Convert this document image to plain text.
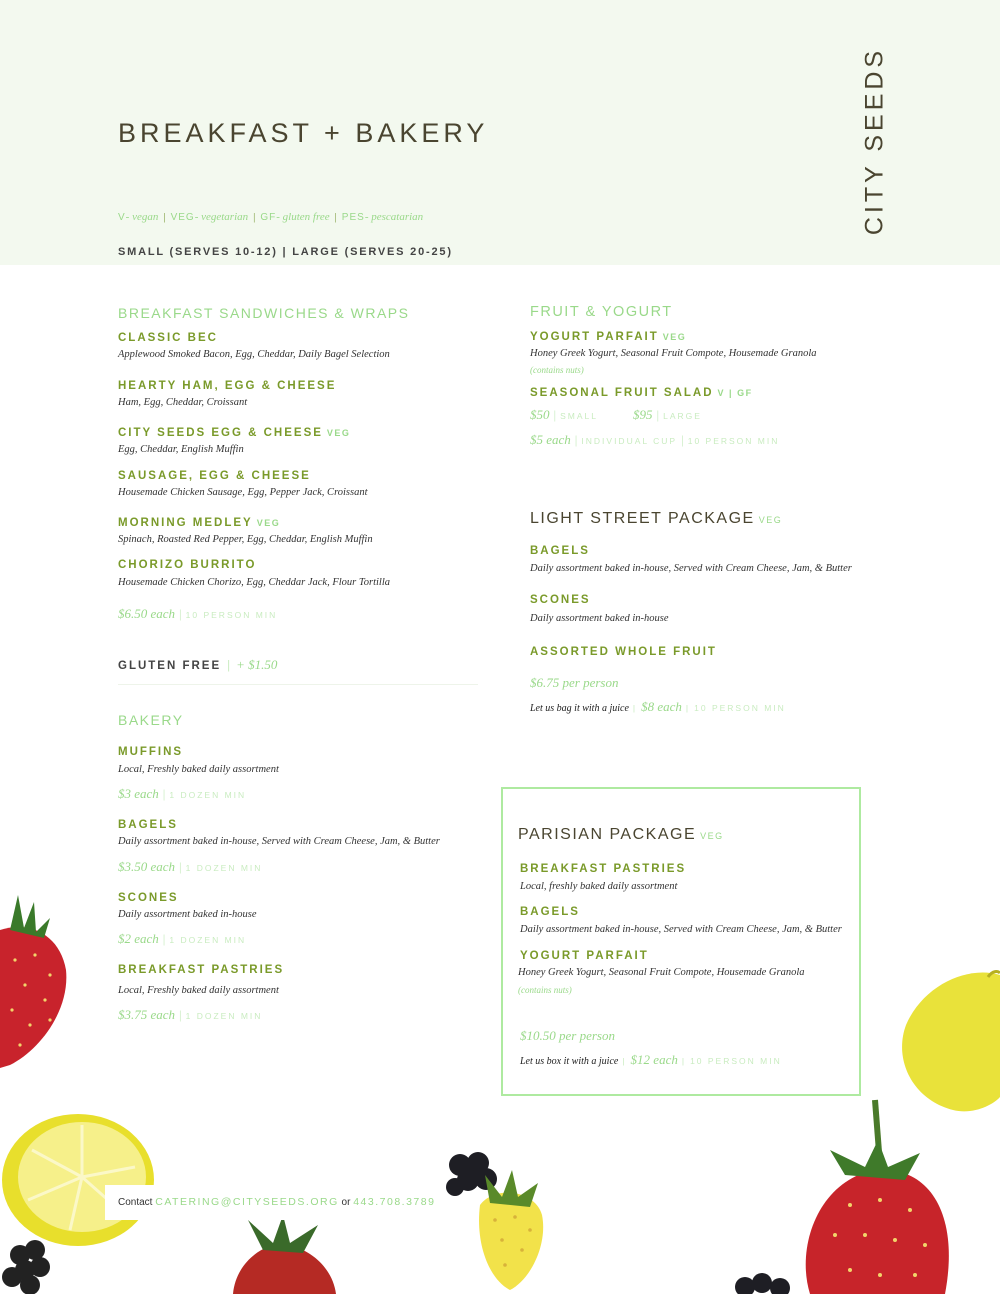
BREAKFAST + BAKERY	CITY SEEDS
V- vegan | VEG- vegetarian | GF- gluten free | PES- pescatarian
SMALL (SERVES 10-12) | LARGE (SERVES 20-25)
BREAKFAST SANDWICHES & WRAPS
CLASSIC BEC
Applewood Smoked Bacon, Egg, Cheddar, Daily Bagel Selection
HEARTY HAM, EGG & CHEESE
Ham, Egg, Cheddar, Croissant
CITY SEEDS EGG & CHEESE VEG
Egg, Cheddar, English Muffin
SAUSAGE, EGG & CHEESE
Housemade Chicken Sausage, Egg, Pepper Jack, Croissant
MORNING MEDLEY VEG
Spinach, Roasted Red Pepper, Egg, Cheddar, English Muffin
CHORIZO BURRITO
Housemade Chicken Chorizo, Egg, Cheddar Jack, Flour Tortilla
$6.50 each | 10 PERSON MIN
GLUTEN FREE | + $1.50
BAKERY
MUFFINS
Local, Freshly baked daily assortment
$3 each | 1 DOZEN MIN
BAGELS
Daily assortment baked in-house, Served with Cream Cheese, Jam, & Butter
$3.50 each | 1 DOZEN MIN
SCONES
Daily assortment baked in-house
$2 each | 1 DOZEN MIN
BREAKFAST PASTRIES
Local, Freshly baked daily assortment
$3.75 each | 1 DOZEN MIN
FRUIT & YOGURT
YOGURT PARFAIT VEG
Honey Greek Yogurt, Seasonal Fruit Compote, Housemade Granola
(contains nuts)
SEASONAL FRUIT SALAD V | GF
$50 | SMALL	$95 | LARGE
$5 each | INDIVIDUAL CUP | 10 PERSON MIN
LIGHT STREET PACKAGE VEG
BAGELS
Daily assortment baked in-house, Served with Cream Cheese, Jam, & Butter
SCONES
Daily assortment baked in-house
ASSORTED WHOLE FRUIT
$6.75 per person
Let us bag it with a juice | $8 each | 10 PERSON MIN
PARISIAN PACKAGE VEG
BREAKFAST PASTRIES
Local, freshly baked daily assortment
BAGELS
Daily assortment baked in-house, Served with Cream Cheese, Jam, & Butter
YOGURT PARFAIT
Honey Greek Yogurt, Seasonal Fruit Compote, Housemade Granola
(contains nuts)
$10.50 per person
Let us box it with a juice | $12 each | 10 PERSON MIN
Contact CATERING@CITYSEEDS.ORG or 443.708.3789
